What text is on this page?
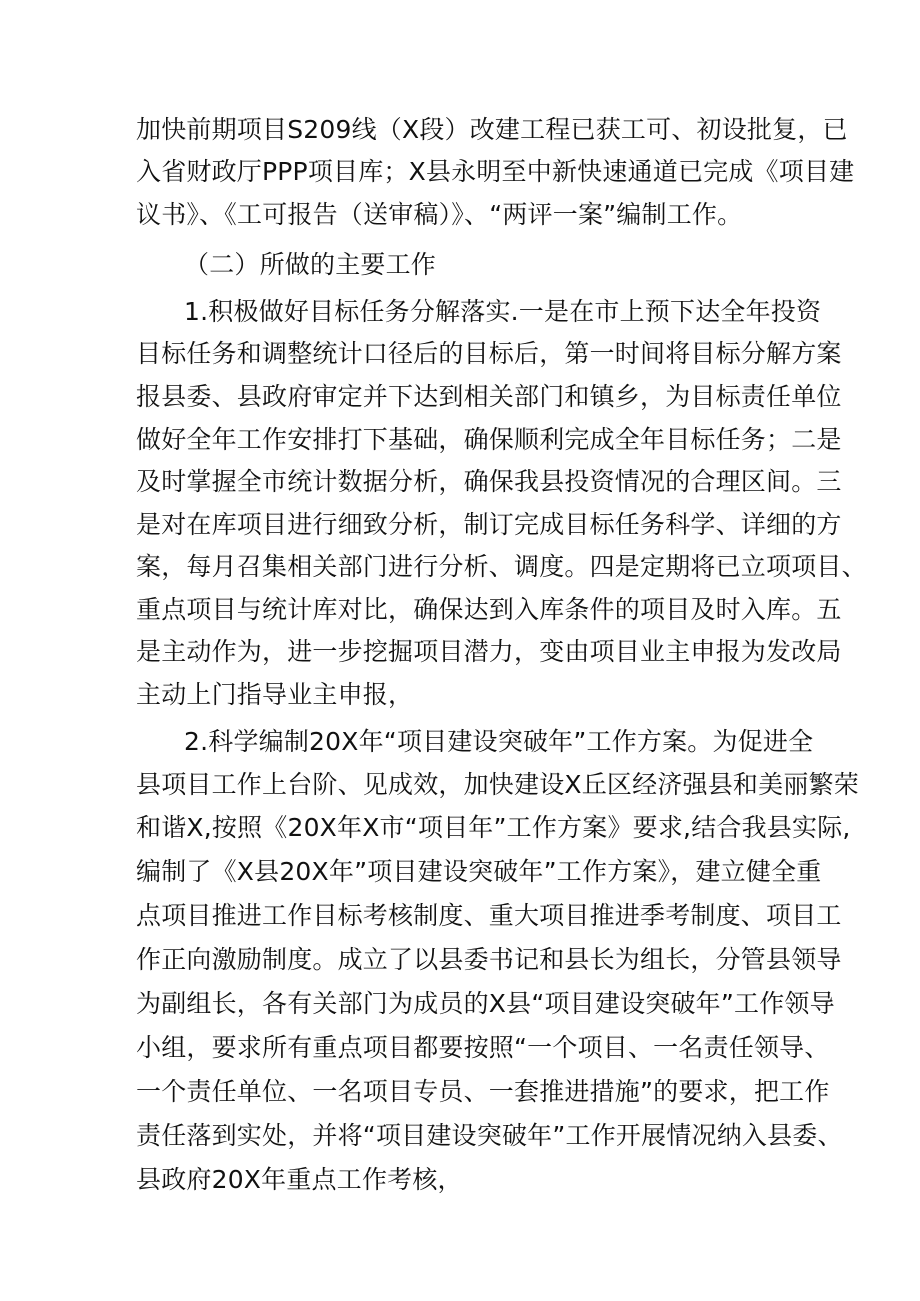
加快前期项目S209线（X段）改建工程已获工可、初设批复，已
入省财政厅PPP项目库；X县永明至中新快速通道已完成《项目建
议书》、《工可报告（送审稿）》、“两评一案”编制工作。
（二）所做的主要工作
1.积极做好目标任务分解落实.一是在市上预下达全年投资
目标任务和调整统计口径后的目标后，第一时间将目标分解方案
报县委、县政府审定并下达到相关部门和镇乡，为目标责任单位
做好全年工作安排打下基础，确保顺利完成全年目标任务；二是
及时掌握全市统计数据分析，确保我县投资情况的合理区间。三
是对在库项目进行细致分析，制订完成目标任务科学、详细的方
案，每月召集相关部门进行分析、调度。四是定期将已立项项目、
重点项目与统计库对比，确保达到入库条件的项目及时入库。五
是主动作为，进一步挖掘项目潜力，变由项目业主申报为发改局
主动上门指导业主申报，
2.科学编制20X年“项目建设突破年”工作方案。为促进全
县项目工作上台阶、见成效，加快建设X丘区经济强县和美丽繁荣
和谐X,按照《20X年X市“项目年”工作方案》要求,结合我县实际,
编制了《X县20X年”项目建设突破年”工作方案》，建立健全重
点项目推进工作目标考核制度、重大项目推进季考制度、项目工
作正向激励制度。成立了以县委书记和县长为组长，分管县领导
为副组长，各有关部门为成员的X县“项目建设突破年”工作领导
小组，要求所有重点项目都要按照“一个项目、一名责任领导、
一个责任单位、一名项目专员、一套推进措施”的要求，把工作
责任落到实处，并将“项目建设突破年”工作开展情况纳入县委、
县政府20X年重点工作考核，
